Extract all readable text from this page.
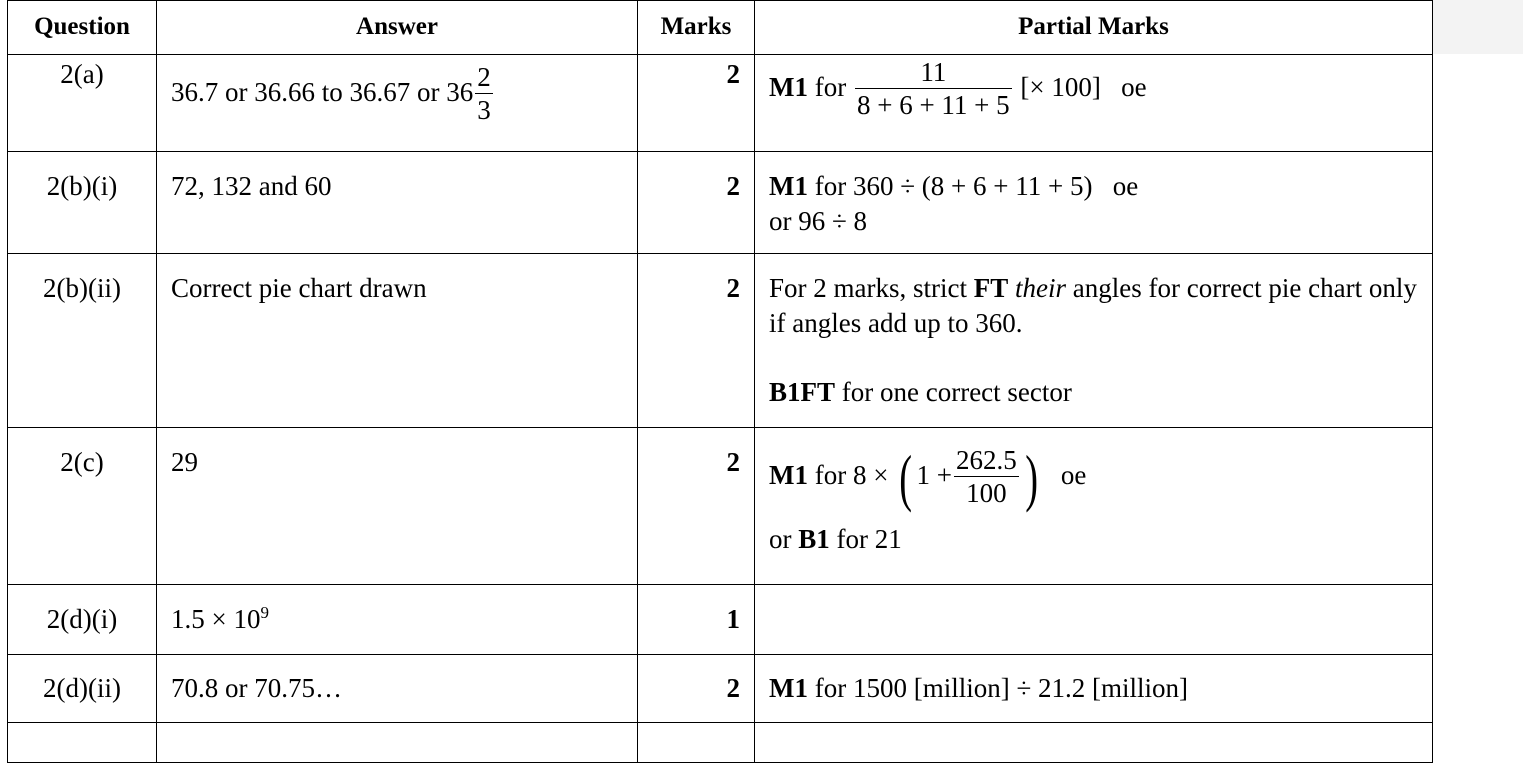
Question	Answer	Marks	Partial Marks

2(a)	36.7 or 36.66 to 36.67 or $36 \frac{2}{3}$	2	M1 for $\frac{11}{8 + 6 + 11 + 5}$ [× 100]   oe

2(b)(i)	72, 132 and 60	2	M1 for 360 ÷ (8 + 6 + 11 + 5)   oe
or 96 ÷ 8

2(b)(ii)	Correct pie chart drawn	2	For 2 marks, strict FT their angles for correct pie chart only if angles add up to 360.
B1FT for one correct sector

2(c)	29	2	M1 for 8 × ( $1 + \frac{262.5}{100}$ ) oe
or B1 for 21

2(d)(i)	$1.5 \times 10^9$	1	

2(d)(ii)	70.8 or 70.75…	2	M1 for 1500 [million] ÷ 21.2 [million]
